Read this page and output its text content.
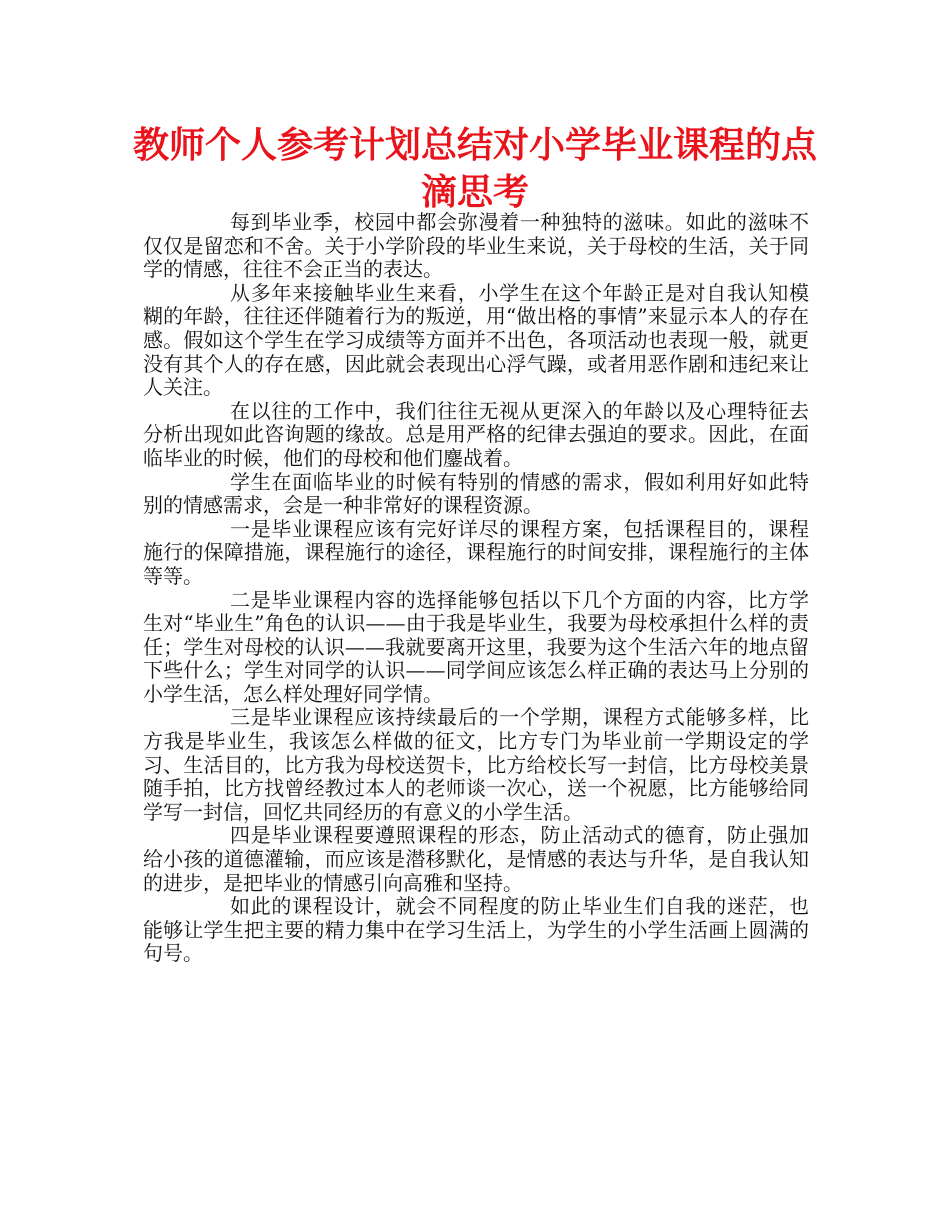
教师个人参考计划总结对小学毕业课程的点滴思考

每到毕业季，校园中都会弥漫着一种独特的滋味。如此的滋味不仅仅是留恋和不舍。关于小学阶段的毕业生来说，关于母校的生活，关于同学的情感，往往不会正当的表达。

从多年来接触毕业生来看，小学生在这个年龄正是对自我认知模糊的年龄，往往还伴随着行为的叛逆，用“做出格的事情”来显示本人的存在感。假如这个学生在学习成绩等方面并不出色，各项活动也表现一般，就更没有其个人的存在感，因此就会表现出心浮气躁，或者用恶作剧和违纪来让人关注。

在以往的工作中，我们往往无视从更深入的年龄以及心理特征去分析出现如此咨询题的缘故。总是用严格的纪律去强迫的要求。因此，在面临毕业的时候，他们的母校和他们鏖战着。

学生在面临毕业的时候有特别的情感的需求，假如利用好如此特别的情感需求，会是一种非常好的课程资源。

一是毕业课程应该有完好详尽的课程方案，包括课程目的，课程施行的保障措施，课程施行的途径，课程施行的时间安排，课程施行的主体等等。

二是毕业课程内容的选择能够包括以下几个方面的内容，比方学生对“毕业生”角色的认识——由于我是毕业生，我要为母校承担什么样的责任；学生对母校的认识——我就要离开这里，我要为这个生活六年的地点留下些什么；学生对同学的认识——同学间应该怎么样正确的表达马上分别的小学生活，怎么样处理好同学情。

三是毕业课程应该持续最后的一个学期，课程方式能够多样，比方我是毕业生，我该怎么样做的征文，比方专门为毕业前一学期设定的学习、生活目的，比方我为母校送贺卡，比方给校长写一封信，比方母校美景随手拍，比方找曾经教过本人的老师谈一次心，送一个祝愿，比方能够给同学写一封信，回忆共同经历的有意义的小学生活。

四是毕业课程要遵照课程的形态，防止活动式的德育，防止强加给小孩的道德灌输，而应该是潜移默化，是情感的表达与升华，是自我认知的进步，是把毕业的情感引向高雅和坚持。

如此的课程设计，就会不同程度的防止毕业生们自我的迷茫，也能够让学生把主要的精力集中在学习生活上，为学生的小学生活画上圆满的句号。
